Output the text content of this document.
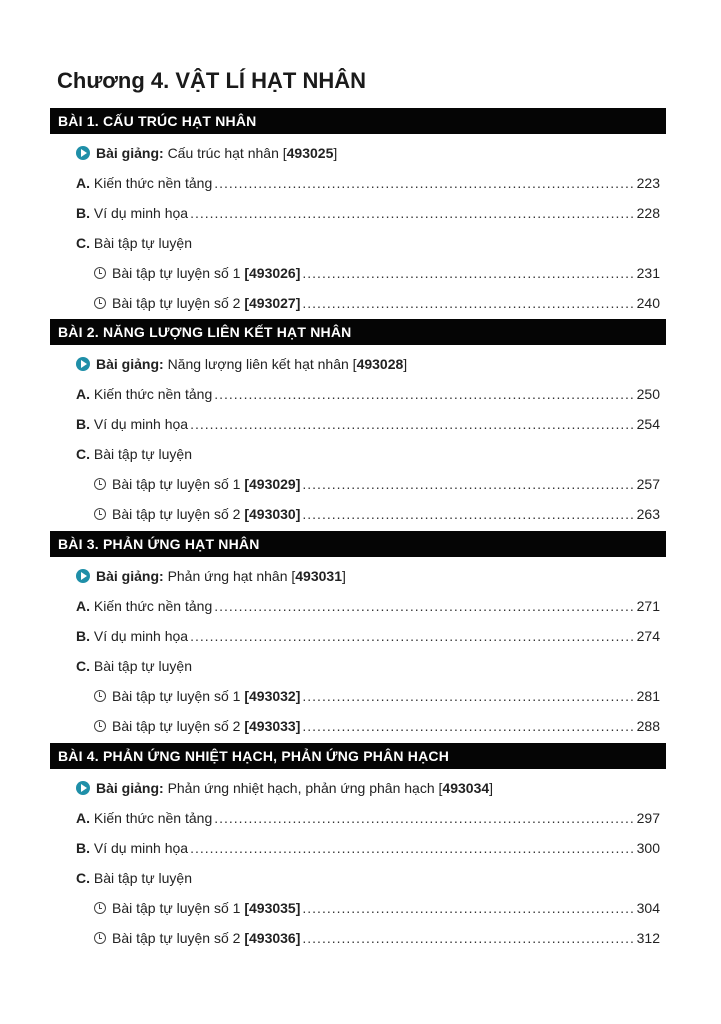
Chương 4. VẬT LÍ HẠT NHÂN
BÀI 1. CẤU TRÚC HẠT NHÂN
Bài giảng: Cấu trúc hạt nhân [493025]
A. Kiến thức nền tảng .....	223
B. Ví dụ minh họa .....	228
C. Bài tập tự luyện
Bài tập tự luyện số 1 [493026] .....	231
Bài tập tự luyện số 2 [493027] .....	240
BÀI 2. NĂNG LƯỢNG LIÊN KẾT HẠT NHÂN
Bài giảng: Năng lượng liên kết hạt nhân [493028]
A. Kiến thức nền tảng .....	250
B. Ví dụ minh họa .....	254
C. Bài tập tự luyện
Bài tập tự luyện số 1 [493029] .....	257
Bài tập tự luyện số 2 [493030] .....	263
BÀI 3. PHẢN ỨNG HẠT NHÂN
Bài giảng: Phản ứng hạt nhân [493031]
A. Kiến thức nền tảng .....	271
B. Ví dụ minh họa .....	274
C. Bài tập tự luyện
Bài tập tự luyện số 1 [493032] .....	281
Bài tập tự luyện số 2 [493033] .....	288
BÀI 4. PHẢN ỨNG NHIỆT HẠCH, PHẢN ỨNG PHÂN HẠCH
Bài giảng: Phản ứng nhiệt hạch, phản ứng phân hạch [493034]
A. Kiến thức nền tảng .....	297
B. Ví dụ minh họa .....	300
C. Bài tập tự luyện
Bài tập tự luyện số 1 [493035] .....	304
Bài tập tự luyện số 2 [493036] .....	312
